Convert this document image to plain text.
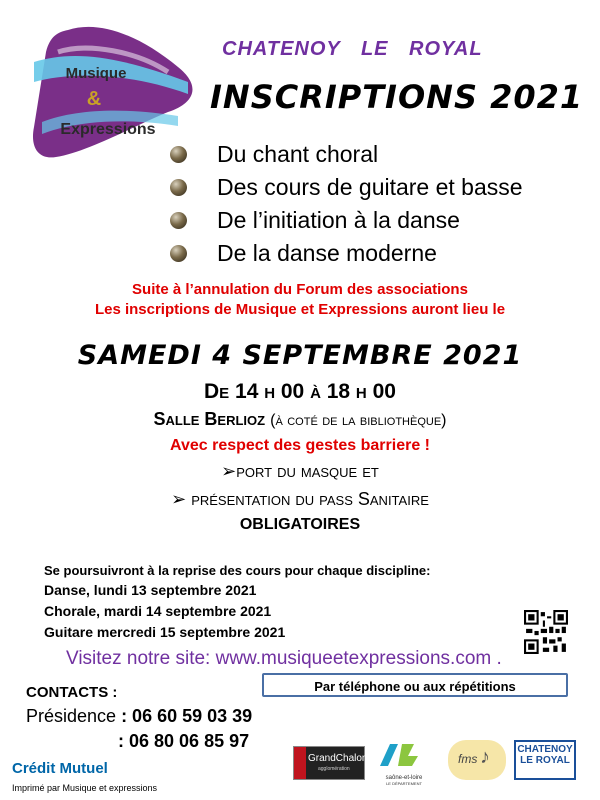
Musique
&
Expressions
CHATENOY LE ROYAL
INSCRIPTIONS 2021
Du chant choral
Des cours de guitare et basse
De l’initiation à la danse
De la danse moderne
Suite à l’annulation du Forum des associations
Les inscriptions de Musique et Expressions auront lieu le
SAMEDI 4 SEPTEMBRE 2021
De 14 h 00 à 18 h 00
Salle Berlioz (à coté de la bibliothèque)
Avec respect des gestes barriere !
➢port du masque et
➢ présentation du pass Sanitaire
OBLIGATOIRES
Se poursuivront à la reprise des cours pour chaque discipline:
Danse, lundi 13 septembre 2021
Chorale, mardi 14 septembre 2021
Guitare mercredi 15 septembre 2021
Visitez notre site: www.musiqueetexpressions.com .
Par téléphone ou aux répétitions
CONTACTS :
Présidence : 06 60 59 03 39
: 06 80 06 85 97
Crédit Mutuel
Imprimé par Musique et expressions
GrandChalon
agglomération
saône-et-loire
LE DÉPARTEMENT
fms ♪	CHATENOY
LE ROYAL
